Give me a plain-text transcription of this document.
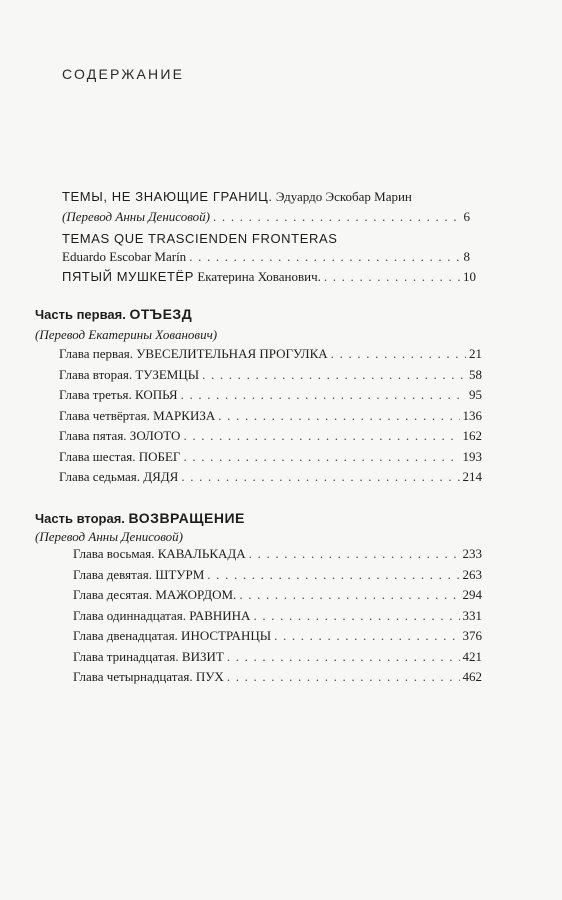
СОДЕРЖАНИЕ
ТЕМЫ, НЕ ЗНАЮЩИЕ ГРАНИЦ. Эдуардо Эскобар Марин
(Перевод Анны Денисовой) . . .	6
TEMAS QUE TRASCIENDEN FRONTERAS
Eduardo Escobar Marín . . .	8
ПЯТЫЙ МУШКЕТЁР Екатерина Хованович. . . .	10
Часть первая. ОТЪЕЗД
(Перевод Екатерины Хованович)
Глава первая. УВЕСЕЛИТЕЛЬНАЯ ПРОГУЛКА . . .	21
Глава вторая. ТУЗЕМЦЫ . . .	58
Глава третья. КОПЬЯ . . .	95
Глава четвёртая. МАРКИЗА . . .	136
Глава пятая. ЗОЛОТО . . .	162
Глава шестая. ПОБЕГ . . .	193
Глава седьмая. ДЯДЯ . . .	214
Часть вторая. ВОЗВРАЩЕНИЕ
(Перевод Анны Денисовой)
Глава восьмая. КАВАЛЬКАДА . . .	233
Глава девятая. ШТУРМ . . .	263
Глава десятая. МАЖОРДОМ. . . .	294
Глава одиннадцатая. РАВНИНА . . .	331
Глава двенадцатая. ИНОСТРАНЦЫ . . .	376
Глава тринадцатая. ВИЗИТ . . .	421
Глава четырнадцатая. ПУХ . . .	462
